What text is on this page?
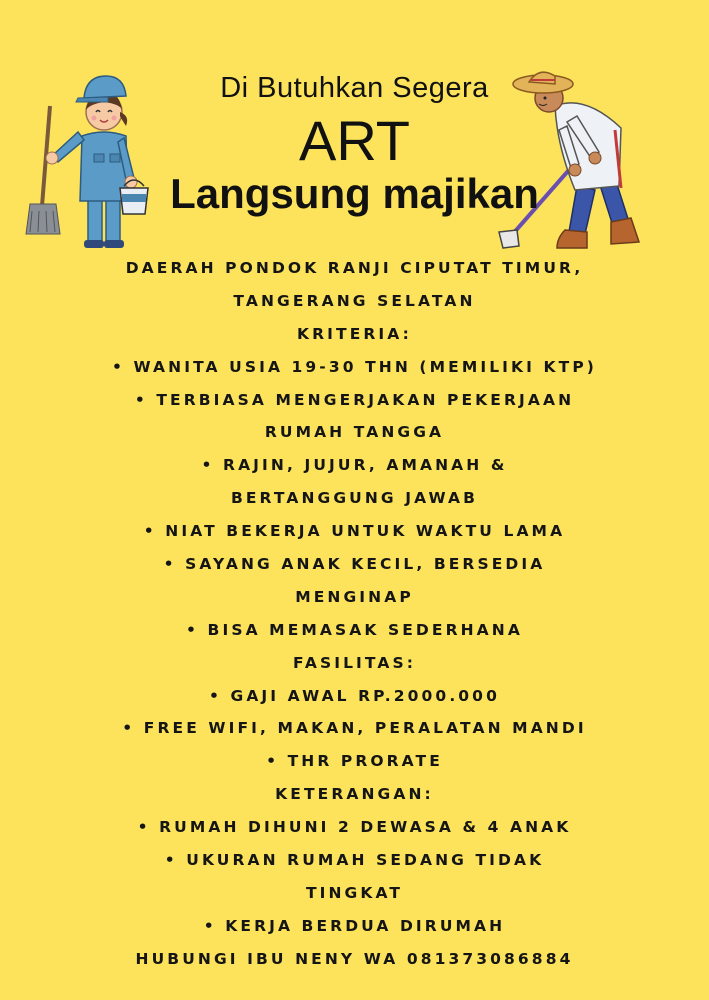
Di Butuhkan Segera
ART
Langsung majikan
DAERAH PONDOK RANJI CIPUTAT TIMUR,
TANGERANG SELATAN
KRITERIA:
• WANITA USIA 19-30 THN (MEMILIKI KTP)
• TERBIASA MENGERJAKAN PEKERJAAN
RUMAH TANGGA
• RAJIN, JUJUR, AMANAH &
BERTANGGUNG JAWAB
• NIAT BEKERJA UNTUK WAKTU LAMA
• SAYANG ANAK KECIL, BERSEDIA
MENGINAP
• BISA MEMASAK SEDERHANA
FASILITAS:
• GAJI AWAL RP.2000.000
• FREE WIFI, MAKAN, PERALATAN MANDI
• THR PRORATE
KETERANGAN:
• RUMAH DIHUNI 2 DEWASA & 4 ANAK
• UKURAN RUMAH SEDANG TIDAK
TINGKAT
• KERJA BERDUA DIRUMAH
HUBUNGI IBU NENY WA 081373086884
